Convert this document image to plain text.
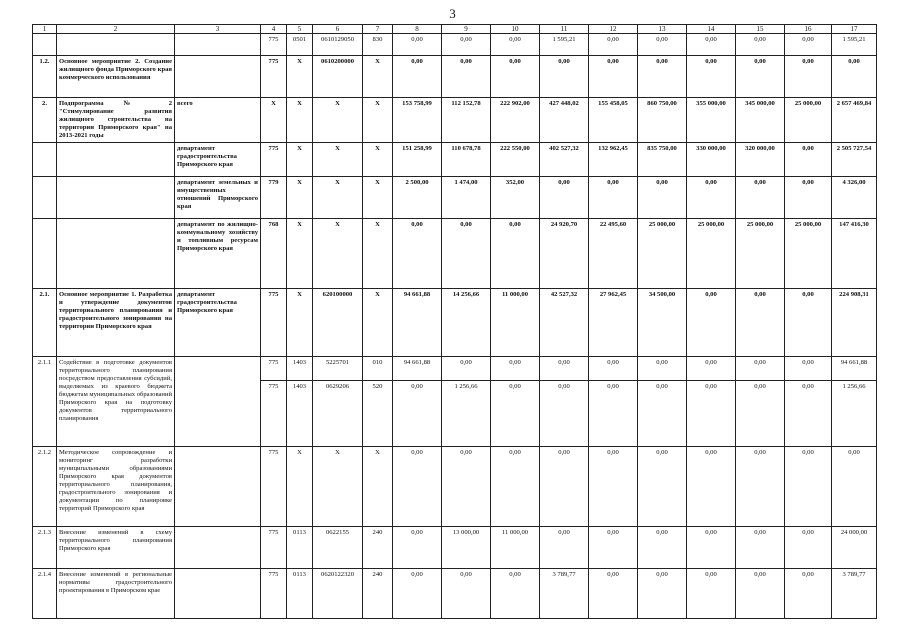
3
1	2	3	4	5	6	7	8	9	10	11	12	13	14	15	16	17
			775	0501	0610129050	830	0,00	0,00	0,00	1 595,21	0,00	0,00	0,00	0,00	0,00	1 595,21
1.2.	Основное мероприятие 2. Создание жилищного фонда Приморского края коммерческого использования		775	X	0610200000	X	0,00	0,00	0,00	0,00	0,00	0,00	0,00	0,00	0,00	0,00
2.	Подпрограмма № 2 "Стимулирование развития жилищного строительства на территории Приморского края" на 2013-2021 годы	всего	X	X	X	X	153 758,99	112 152,78	222 902,00	427 448,02	155 458,05	860 750,00	355 000,00	345 000,00	25 000,00	2 657 469,84
		департамент градостроительства Приморского края	775	X	X	X	151 258,99	110 678,78	222 550,00	402 527,32	132 962,45	835 750,00	330 000,00	320 000,00	0,00	2 505 727,54
		департамент земельных и имущественных отношений Приморского края	779	X	X	X	2 500,00	1 474,00	352,00	0,00	0,00	0,00	0,00	0,00	0,00	4 326,00
		департамент по жилищно-коммунальному хозяйству и топливным ресурсам Приморского края	768	X	X	X	0,00	0,00	0,00	24 920,70	22 495,60	25 000,00	25 000,00	25 000,00	25 000,00	147 416,30
2.1.	Основное мероприятие 1. Разработка и утверждение документов территориального планирования и градостроительного зонирования на территории Приморского края	департамент градостроительства Приморского края	775	X	620100000	X	94 661,88	14 256,66	11 000,00	42 527,32	27 962,45	34 500,00	0,00	0,00	0,00	224 908,31
2.1.1	Содействие в подготовке документов территориального планирования посредством предоставления субсидий, выделяемых из краевого бюджета бюджетам муниципальных образований Приморского края на подготовку документов территориального планирования		775	1403	5225701	010	94 661,88	0,00	0,00	0,00	0,00	0,00	0,00	0,00	0,00	94 661,88
			775	1403	0629206	520	0,00	1 256,66	0,00	0,00	0,00	0,00	0,00	0,00	0,00	1 256,66
2.1.2	Методическое сопровождение и мониторинг разработки муниципальными образованиями Приморского края документов территориального планирования, градостроительного зонирования и документации по планировке территорий Приморского края		775	X	X	X	0,00	0,00	0,00	0,00	0,00	0,00	0,00	0,00	0,00	0,00
2.1.3	Внесение изменений в схему территориального планирования Приморского края		775	0113	0622155	240	0,00	13 000,00	11 000,00	0,00	0,00	0,00	0,00	0,00	0,00	24 000,00
2.1.4	Внесение изменений в региональные нормативы градостроительного проектирования в Приморском крае		775	0113	0620122320	240	0,00	0,00	0,00	3 789,77	0,00	0,00	0,00	0,00	0,00	3 789,77
